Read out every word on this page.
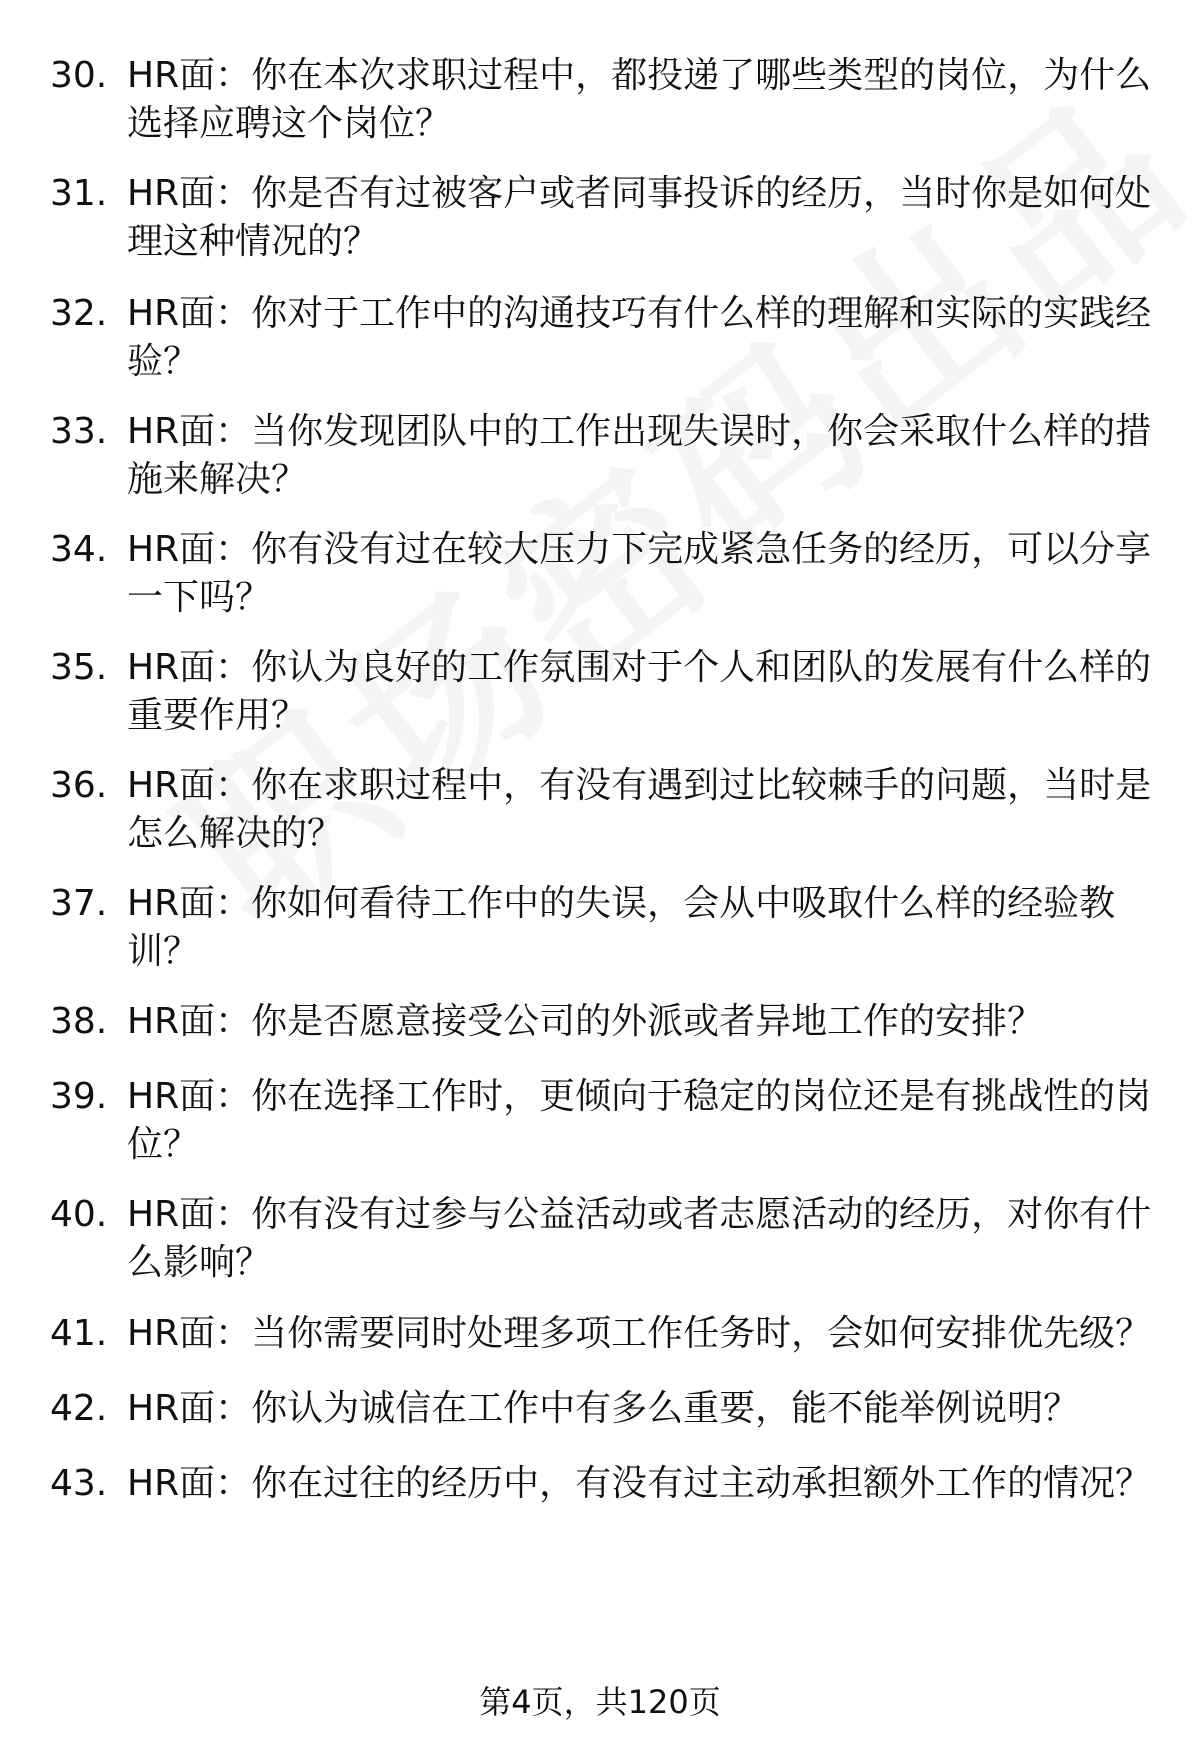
30. HR面：你在本次求职过程中，都投递了哪些类型的岗位，为什么选择应聘这个岗位？
31. HR面：你是否有过被客户或者同事投诉的经历，当时你是如何处理这种情况的？
32. HR面：你对于工作中的沟通技巧有什么样的理解和实际的实践经验？
33. HR面：当你发现团队中的工作出现失误时，你会采取什么样的措施来解决？
34. HR面：你有没有过在较大压力下完成紧急任务的经历，可以分享一下吗？
35. HR面：你认为良好的工作氛围对于个人和团队的发展有什么样的重要作用？
36. HR面：你在求职过程中，有没有遇到过比较棘手的问题，当时是怎么解决的？
37. HR面：你如何看待工作中的失误，会从中吸取什么样的经验教训？
38. HR面：你是否愿意接受公司的外派或者异地工作的安排？
39. HR面：你在选择工作时，更倾向于稳定的岗位还是有挑战性的岗位？
40. HR面：你有没有过参与公益活动或者志愿活动的经历，对你有什么影响？
41. HR面：当你需要同时处理多项工作任务时，会如何安排优先级？
42. HR面：你认为诚信在工作中有多么重要，能不能举例说明？
43. HR面：你在过往的经历中，有没有过主动承担额外工作的情况？
第4页，共120页
